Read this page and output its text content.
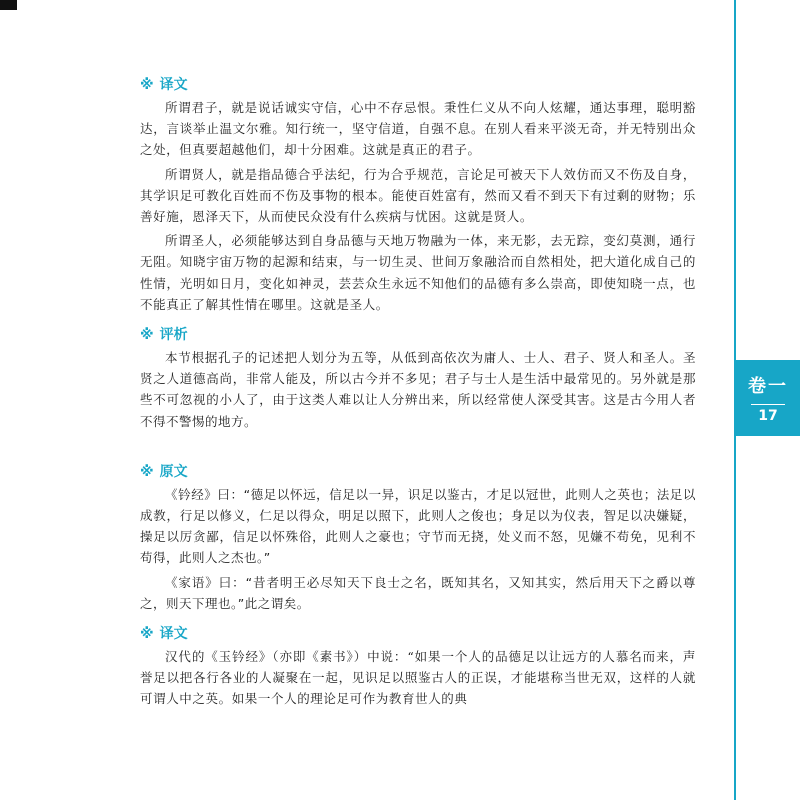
卷一
17
※ 译文

所谓君子，就是说话诚实守信，心中不存忌恨。秉性仁义从不向人炫耀，通达事理，聪明豁达，言谈举止温文尔雅。知行统一，坚守信道，自强不息。在别人看来平淡无奇，并无特别出众之处，但真要超越他们，却十分困难。这就是真正的君子。

所谓贤人，就是指品德合乎法纪，行为合乎规范，言论足可被天下人效仿而又不伤及自身，其学识足可教化百姓而不伤及事物的根本。能使百姓富有，然而又看不到天下有过剩的财物；乐善好施，恩泽天下，从而使民众没有什么疾病与忧困。这就是贤人。

所谓圣人，必须能够达到自身品德与天地万物融为一体，来无影，去无踪，变幻莫测，通行无阻。知晓宇宙万物的起源和结束，与一切生灵、世间万象融洽而自然相处，把大道化成自己的性情，光明如日月，变化如神灵，芸芸众生永远不知他们的品德有多么崇高，即使知晓一点，也不能真正了解其性情在哪里。这就是圣人。

※ 评析

本节根据孔子的记述把人划分为五等，从低到高依次为庸人、士人、君子、贤人和圣人。圣贤之人道德高尚，非常人能及，所以古今并不多见；君子与士人是生活中最常见的。另外就是那些不可忽视的小人了，由于这类人难以让人分辨出来，所以经常使人深受其害。这是古今用人者不得不警惕的地方。

※ 原文

《钤经》曰：“德足以怀远，信足以一异，识足以鉴古，才足以冠世，此则人之英也；法足以成教，行足以修义，仁足以得众，明足以照下，此则人之俊也；身足以为仪表，智足以决嫌疑，操足以厉贪鄙，信足以怀殊俗，此则人之豪也；守节而无挠，处义而不怒，见嫌不苟免，见利不苟得，此则人之杰也。”

《家语》曰：“昔者明王必尽知天下良士之名，既知其名，又知其实，然后用天下之爵以尊之，则天下理也。”此之谓矣。

※ 译文

汉代的《玉钤经》（亦即《素书》）中说：“如果一个人的品德足以让远方的人慕名而来，声誉足以把各行各业的人凝聚在一起，见识足以照鉴古人的正误，才能堪称当世无双，这样的人就可谓人中之英。如果一个人的理论足可作为教育世人的典
